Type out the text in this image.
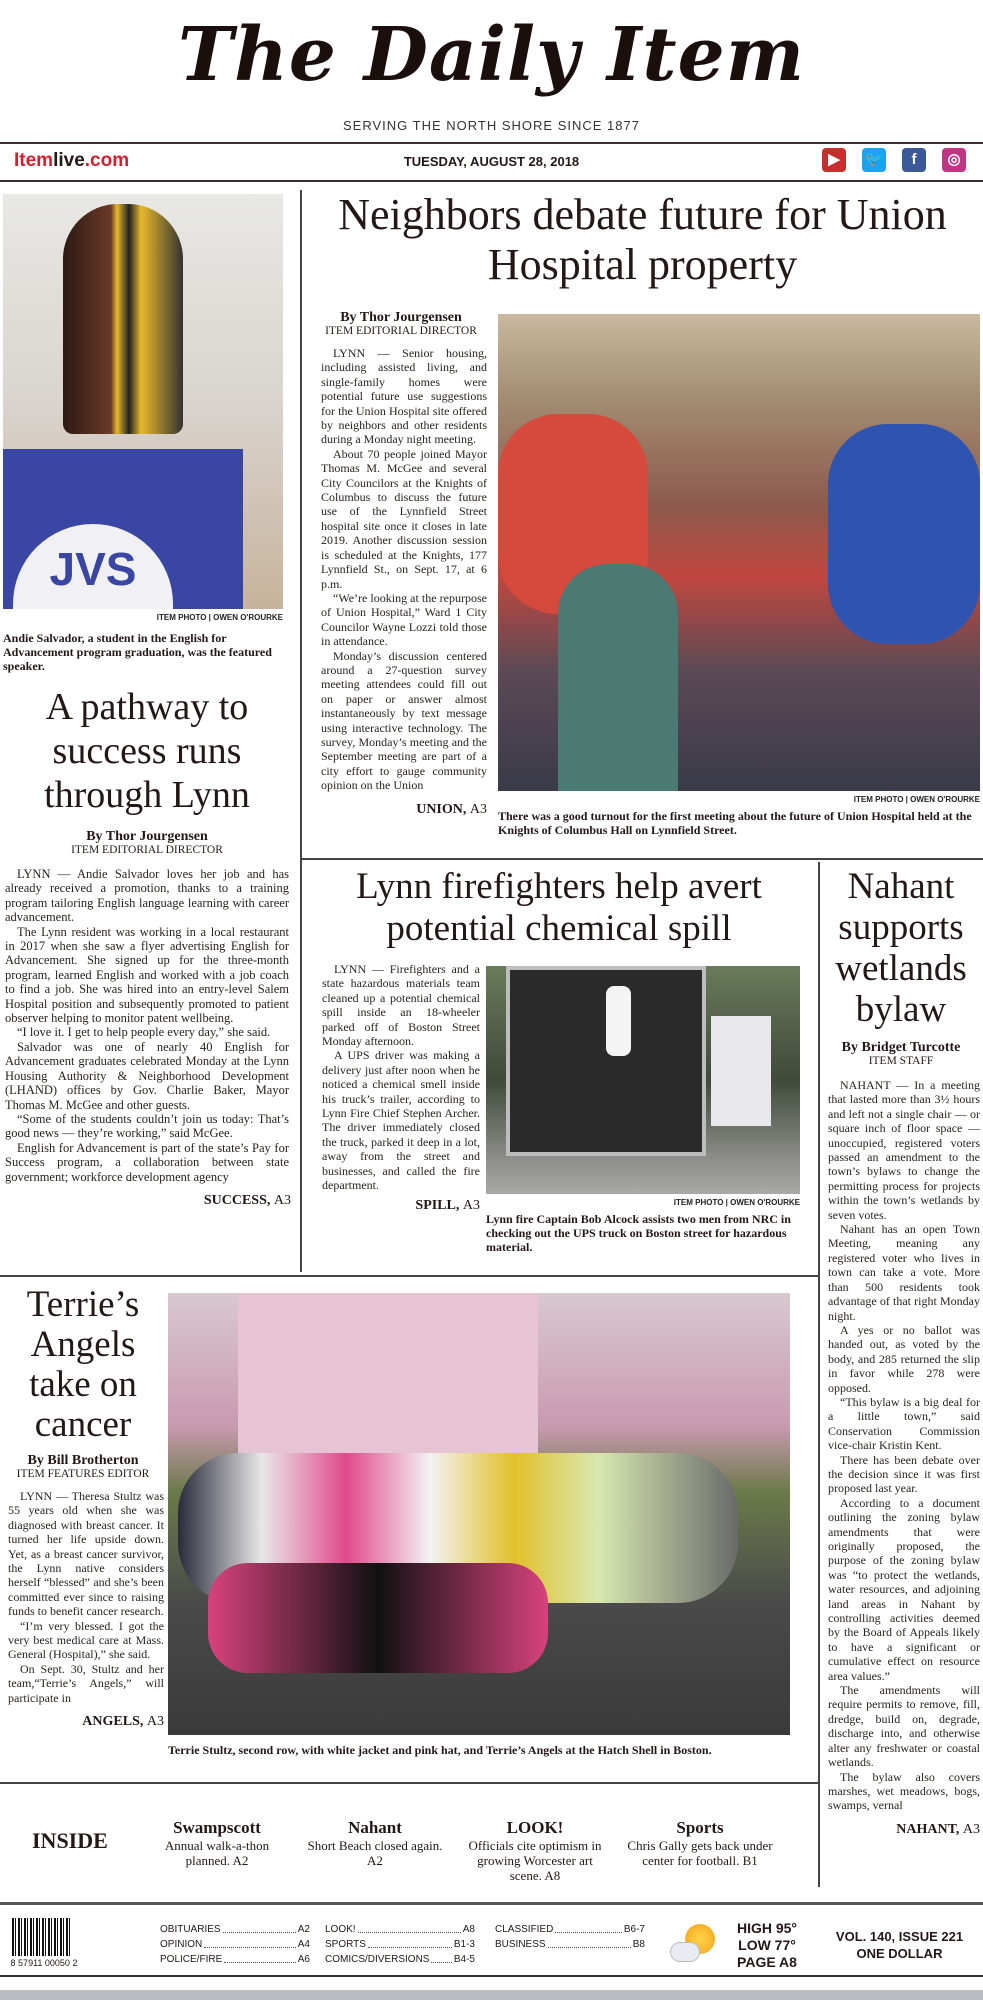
The Daily Item
SERVING THE NORTH SHORE SINCE 1877
Itemlive.com	TUESDAY, AUGUST 28, 2018	▶	🐦	f	◎
JVS
ITEM PHOTO | OWEN O'ROURKE
Andie Salvador, a student in the English for Advancement program graduation, was the featured speaker.
A pathway to success runs through Lynn
By Thor Jourgensen
ITEM EDITORIAL DIRECTOR

LYNN — Andie Salvador loves her job and has already received a promotion, thanks to a training program tailoring English language learning with career advancement.

The Lynn resident was working in a local restaurant in 2017 when she saw a flyer advertising English for Advancement. She signed up for the three-month program, learned English and worked with a job coach to find a job. She was hired into an entry-level Salem Hospital position and subsequently promoted to patient observer helping to monitor patent wellbeing.

“I love it. I get to help people every day,” she said.

Salvador was one of nearly 40 English for Advancement graduates celebrated Monday at the Lynn Housing Authority & Neighborhood Development (LHAND) offices by Gov. Charlie Baker, Mayor Thomas M. McGee and other guests.

“Some of the students couldn’t join us today: That’s good news — they’re working,” said McGee.

English for Advancement is part of the state’s Pay for Success program, a collaboration between state government; workforce development agency

SUCCESS, A3
Neighbors debate future for Union Hospital property
By Thor Jourgensen
ITEM EDITORIAL DIRECTOR

LYNN — Senior housing, including assisted living, and single-family homes were potential future use suggestions for the Union Hospital site offered by neighbors and other residents during a Monday night meeting.

About 70 people joined Mayor Thomas M. McGee and several City Councilors at the Knights of Columbus to discuss the future use of the Lynnfield Street hospital site once it closes in late 2019. Another discussion session is scheduled at the Knights, 177 Lynnfield St., on Sept. 17, at 6 p.m.

“We’re looking at the repurpose of Union Hospital,” Ward 1 City Councilor Wayne Lozzi told those in attendance.

Monday’s discussion centered around a 27-question survey meeting attendees could fill out on paper or answer almost instantaneously by text message using interactive technology. The survey, Monday’s meeting and the September meeting are part of a city effort to gauge community opinion on the Union

UNION, A3
ITEM PHOTO | OWEN O'ROURKE
There was a good turnout for the first meeting about the future of Union Hospital held at the Knights of Columbus Hall on Lynnfield Street.
Lynn firefighters help avert potential chemical spill

LYNN — Firefighters and a state hazardous materials team cleaned up a potential chemical spill inside an 18-wheeler parked off of Boston Street Monday afternoon.

A UPS driver was making a delivery just after noon when he noticed a chemical smell inside his truck’s trailer, according to Lynn Fire Chief Stephen Archer. The driver immediately closed the truck, parked it deep in a lot, away from the street and businesses, and called the fire department.

SPILL, A3	ITEM PHOTO | OWEN O'ROURKE
Lynn fire Captain Bob Alcock assists two men from NRC in checking out the UPS truck on Boston street for hazardous material.
Nahant supports wetlands bylaw
By Bridget Turcotte
ITEM STAFF

NAHANT — In a meeting that lasted more than 3½ hours and left not a single chair — or square inch of floor space — unoccupied, registered voters passed an amendment to the town’s bylaws to change the permitting process for projects within the town’s wetlands by seven votes.

Nahant has an open Town Meeting, meaning any registered voter who lives in town can take a vote. More than 500 residents took advantage of that right Monday night.

A yes or no ballot was handed out, as voted by the body, and 285 returned the slip in favor while 278 were opposed.

“This bylaw is a big deal for a little town,” said Conservation Commission vice-chair Kristin Kent.

There has been debate over the decision since it was first proposed last year.

According to a document outlining the zoning bylaw amendments that were originally proposed, the purpose of the zoning bylaw was “to protect the wetlands, water resources, and adjoining land areas in Nahant by controlling activities deemed by the Board of Appeals likely to have a significant or cumulative effect on resource area values.”

The amendments will require permits to remove, fill, dredge, build on, degrade, discharge into, and otherwise alter any freshwater or coastal wetlands.

The bylaw also covers marshes, wet meadows, bogs, swamps, vernal

NAHANT, A3
Terrie’s Angels take on cancer
By Bill Brotherton
ITEM FEATURES EDITOR

LYNN — Theresa Stultz was 55 years old when she was diagnosed with breast cancer. It turned her life upside down. Yet, as a breast cancer survivor, the Lynn native considers herself “blessed” and she’s been committed ever since to raising funds to benefit cancer research.

“I’m very blessed. I got the very best medical care at Mass. General (Hospital),” she said.

On Sept. 30, Stultz and her team,“Terrie’s Angels,” will participate in

ANGELS, A3
Terrie Stultz, second row, with white jacket and pink hat, and Terrie’s Angels at the Hatch Shell in Boston.
INSIDE
Swampscott
Annual walk-a-thon planned. A2
Nahant
Short Beach closed again. A2
LOOK!
Officials cite optimism in growing Worcester art scene. A8
Sports
Chris Gally gets back under center for football. B1
8 57911 00050 2
OBITUARIES	A2
OPINION	A4
POLICE/FIRE	A6
LOOK!	A8
SPORTS	B1-3
COMICS/DIVERSIONS B4-5
CLASSIFIED	B6-7
BUSINESS	B8
HIGH 95°
LOW 77°
PAGE A8
VOL. 140, ISSUE 221
ONE DOLLAR
